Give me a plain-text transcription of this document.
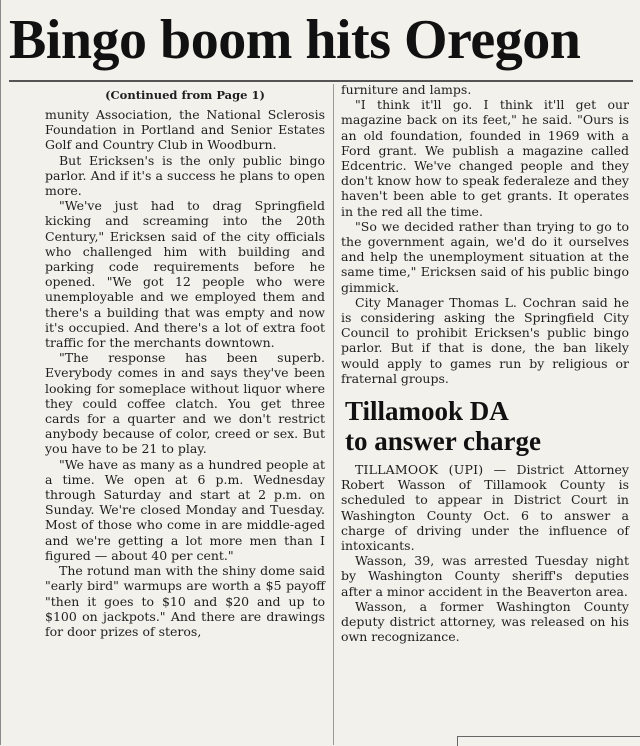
Bingo boom hits Oregon
(Continued from Page 1)

munity Association, the National Sclerosis Foundation in Portland and Senior Estates Golf and Country Club in Woodburn.

But Ericksen's is the only public bingo parlor. And if it's a success he plans to open more.

"We've just had to drag Springfield kicking and screaming into the 20th Century," Ericksen said of the city officials who challenged him with building and parking code requirements before he opened. "We got 12 people who were unemployable and we employed them and there's a building that was empty and now it's occupied. And there's a lot of extra foot traffic for the merchants downtown.

"The response has been superb. Everybody comes in and says they've been looking for someplace without liquor where they could coffee clatch. You get three cards for a quarter and we don't restrict anybody because of color, creed or sex. But you have to be 21 to play.

"We have as many as a hundred people at a time. We open at 6 p.m. Wednesday through Saturday and start at 2 p.m. on Sunday. We're closed Monday and Tuesday. Most of those who come in are middle-aged and we're getting a lot more men than I figured — about 40 per cent."

The rotund man with the shiny dome said "early bird" warmups are worth a $5 payoff "then it goes to $10 and $20 and up to $100 on jackpots." And there are drawings for door prizes of steros,

furniture and lamps.

"I think it'll go. I think it'll get our magazine back on its feet," he said. "Ours is an old foundation, founded in 1969 with a Ford grant. We publish a magazine called Edcentric. We've changed people and they don't know how to speak federaleze and they haven't been able to get grants. It operates in the red all the time.

"So we decided rather than trying to go to the government again, we'd do it ourselves and help the unemployment situation at the same time," Ericksen said of his public bingo gimmick.

City Manager Thomas L. Cochran said he is considering asking the Springfield City Council to prohibit Ericksen's public bingo parlor. But if that is done, the ban likely would apply to games run by religious or fraternal groups.

Tillamook DA
to answer charge

TILLAMOOK (UPI) — District Attorney Robert Wasson of Tillamook County is scheduled to appear in District Court in Washington County Oct. 6 to answer a charge of driving under the influence of intoxicants.

Wasson, 39, was arrested Tuesday night by Washington County sheriff's deputies after a minor accident in the Beaverton area.

Wasson, a former Washington County deputy district attorney, was released on his own recognizance.
